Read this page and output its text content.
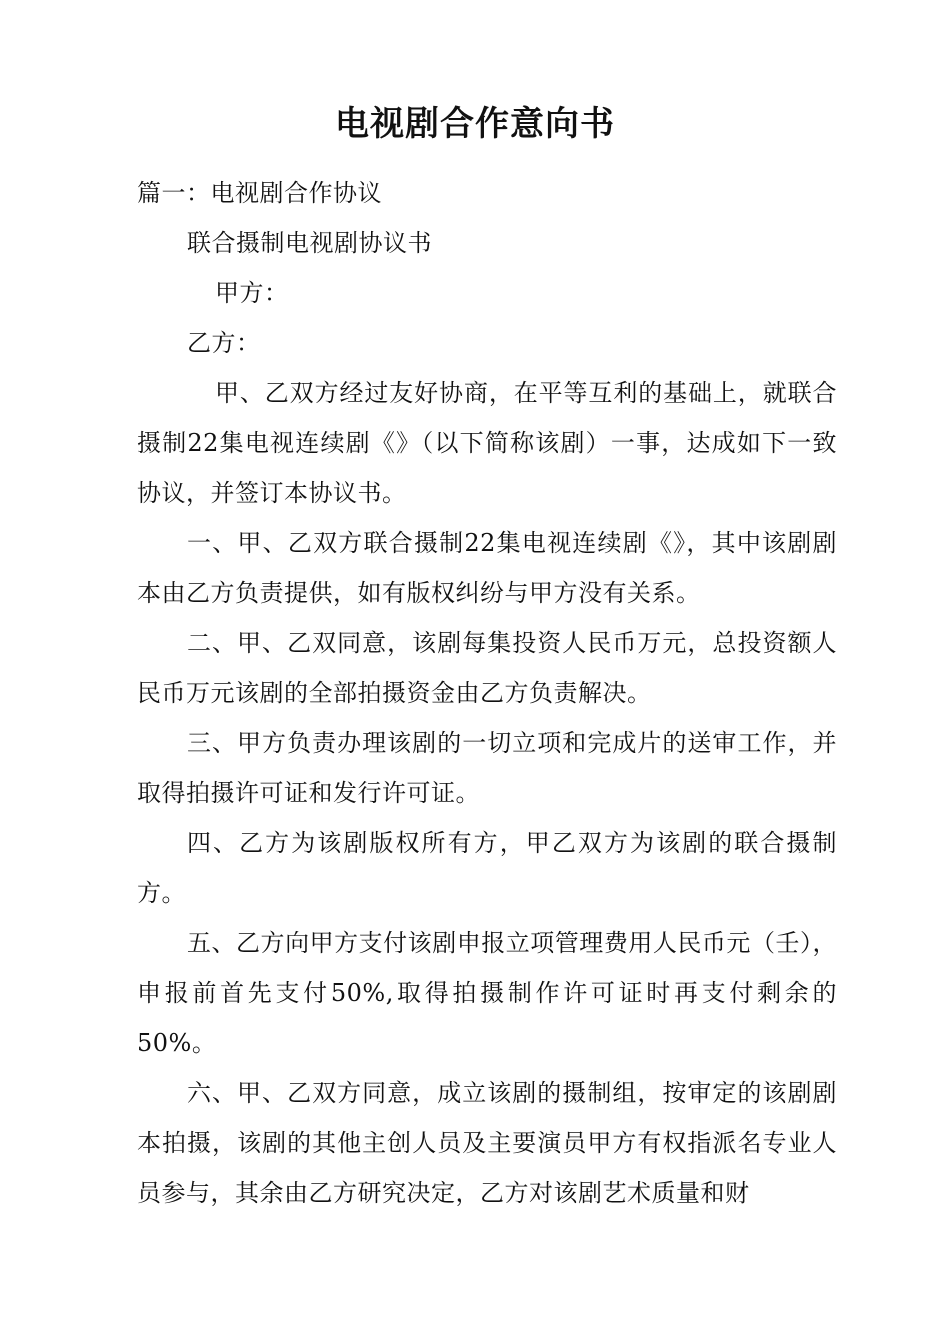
电视剧合作意向书

篇一：电视剧合作协议

联合摄制电视剧协议书

甲方：

乙方：

甲、乙双方经过友好协商，在平等互利的基础上，就联合摄制22集电视连续剧《》（以下简称该剧）一事，达成如下一致协议，并签订本协议书。

一、甲、乙双方联合摄制22集电视连续剧《》，其中该剧剧本由乙方负责提供，如有版权纠纷与甲方没有关系。

二、甲、乙双同意，该剧每集投资人民币万元，总投资额人民币万元该剧的全部拍摄资金由乙方负责解决。

三、甲方负责办理该剧的一切立项和完成片的送审工作，并取得拍摄许可证和发行许可证。

四、乙方为该剧版权所有方，甲乙双方为该剧的联合摄制方。

五、乙方向甲方支付该剧申报立项管理费用人民币元（壬），申报前首先支付50%,取得拍摄制作许可证时再支付剩余的50%。

六、甲、乙双方同意，成立该剧的摄制组，按审定的该剧剧本拍摄，该剧的其他主创人员及主要演员甲方有权指派名专业人员参与，其余由乙方研究决定，乙方对该剧艺术质量和财
